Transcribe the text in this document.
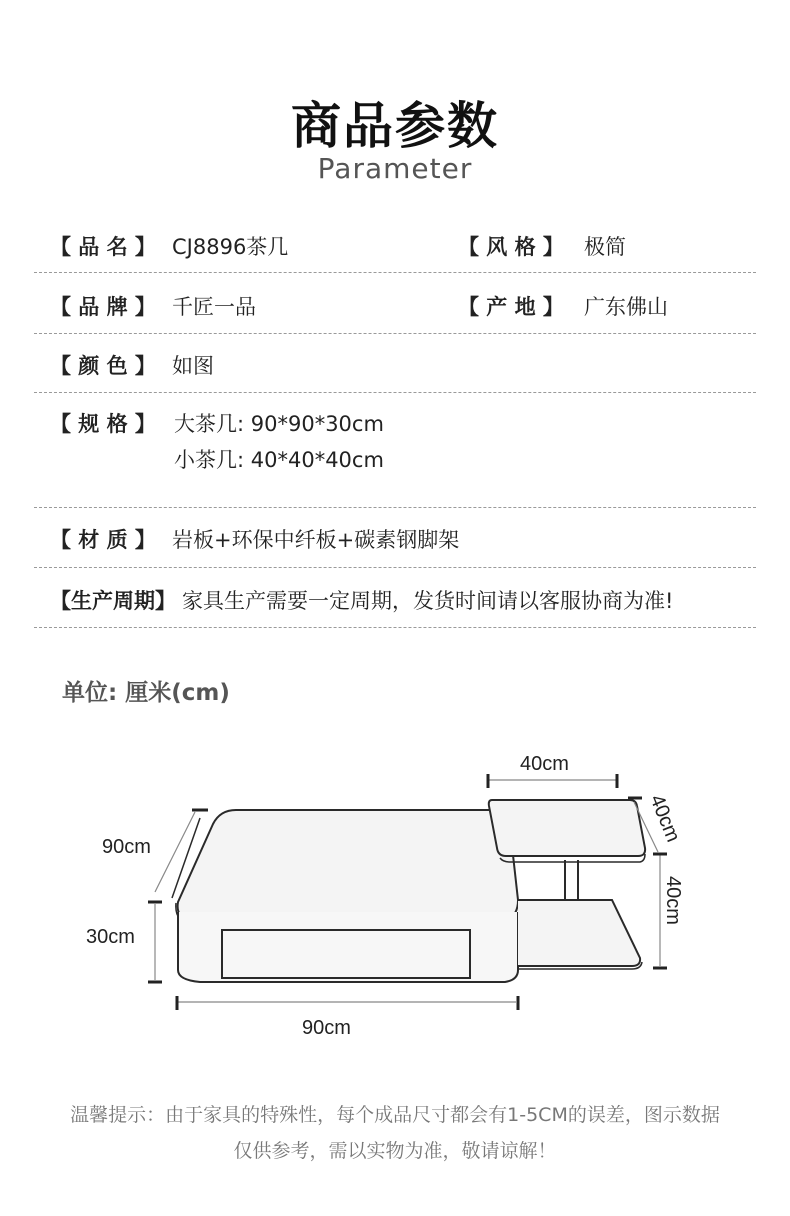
商品参数
Parameter
【 品 名 】 CJ8896茶几	【 风 格 】 极简
【 品 牌 】 千匠一品	【 产 地 】 广东佛山
【 颜 色 】 如图
【 规 格 】 大茶几: 90*90*30cm
小茶几: 40*40*40cm
【 材 质 】 岩板+环保中纤板+碳素钢脚架
【生产周期】 家具生产需要一定周期，发货时间请以客服协商为准!
单位: 厘米(cm)
90cm
30cm
90cm
40cm
40cm
40cm
温馨提示：由于家具的特殊性，每个成品尺寸都会有1-5CM的误差，图示数据
仅供参考，需以实物为准，敬请谅解！
